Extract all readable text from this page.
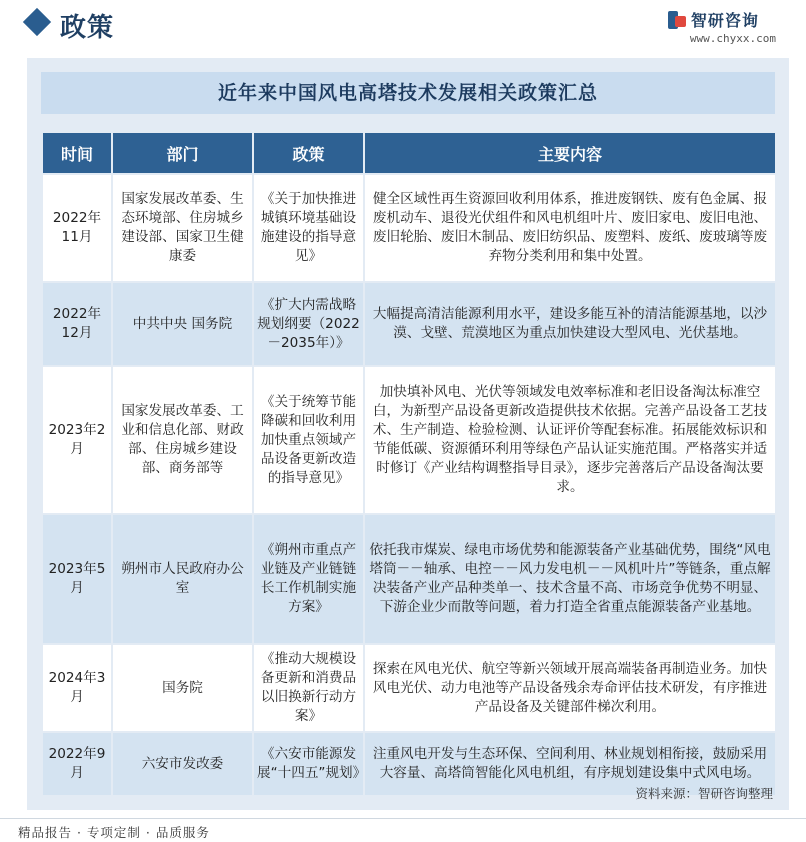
政策	智研咨询
www.chyxx.com
近年来中国风电高塔技术发展相关政策汇总
时间	部门	政策	主要内容
2022年11月	国家发展改革委、生态环境部、住房城乡建设部、国家卫生健康委	《关于加快推进城镇环境基础设施建设的指导意见》	健全区域性再生资源回收利用体系，推进废钢铁、废有色金属、报废机动车、退役光伏组件和风电机组叶片、废旧家电、废旧电池、废旧轮胎、废旧木制品、废旧纺织品、废塑料、废纸、废玻璃等废弃物分类利用和集中处置。
2022年12月	中共中央 国务院	《扩大内需战略规划纲要（2022－2035年）》	大幅提高清洁能源利用水平，建设多能互补的清洁能源基地，以沙漠、戈壁、荒漠地区为重点加快建设大型风电、光伏基地。
2023年2月	国家发展改革委、工业和信息化部、财政部、住房城乡建设部、商务部等	《关于统筹节能降碳和回收利用 加快重点领域产品设备更新改造的指导意见》	加快填补风电、光伏等领域发电效率标准和老旧设备淘汰标准空白，为新型产品设备更新改造提供技术依据。完善产品设备工艺技术、生产制造、检验检测、认证评价等配套标准。拓展能效标识和节能低碳、资源循环利用等绿色产品认证实施范围。严格落实并适时修订《产业结构调整指导目录》，逐步完善落后产品设备淘汰要求。
2023年5月	朔州市人民政府办公室	《朔州市重点产业链及产业链链长工作机制实施方案》	依托我市煤炭、绿电市场优势和能源装备产业基础优势，围绕“风电塔筒－－轴承、电控－－风力发电机－－风机叶片”等链条，重点解决装备产业产品种类单一、技术含量不高、市场竞争优势不明显、下游企业少而散等问题，着力打造全省重点能源装备产业基地。
2024年3月	国务院	《推动大规模设备更新和消费品以旧换新行动方案》	探索在风电光伏、航空等新兴领域开展高端装备再制造业务。加快风电光伏、动力电池等产品设备残余寿命评估技术研发，有序推进产品设备及关键部件梯次利用。
2022年9月	六安市发改委	《六安市能源发展“十四五”规划》	注重风电开发与生态环保、空间利用、林业规划相衔接，鼓励采用大容量、高塔筒智能化风电机组，有序规划建设集中式风电场。
资料来源：智研咨询整理
精品报告 · 专项定制 · 品质服务
